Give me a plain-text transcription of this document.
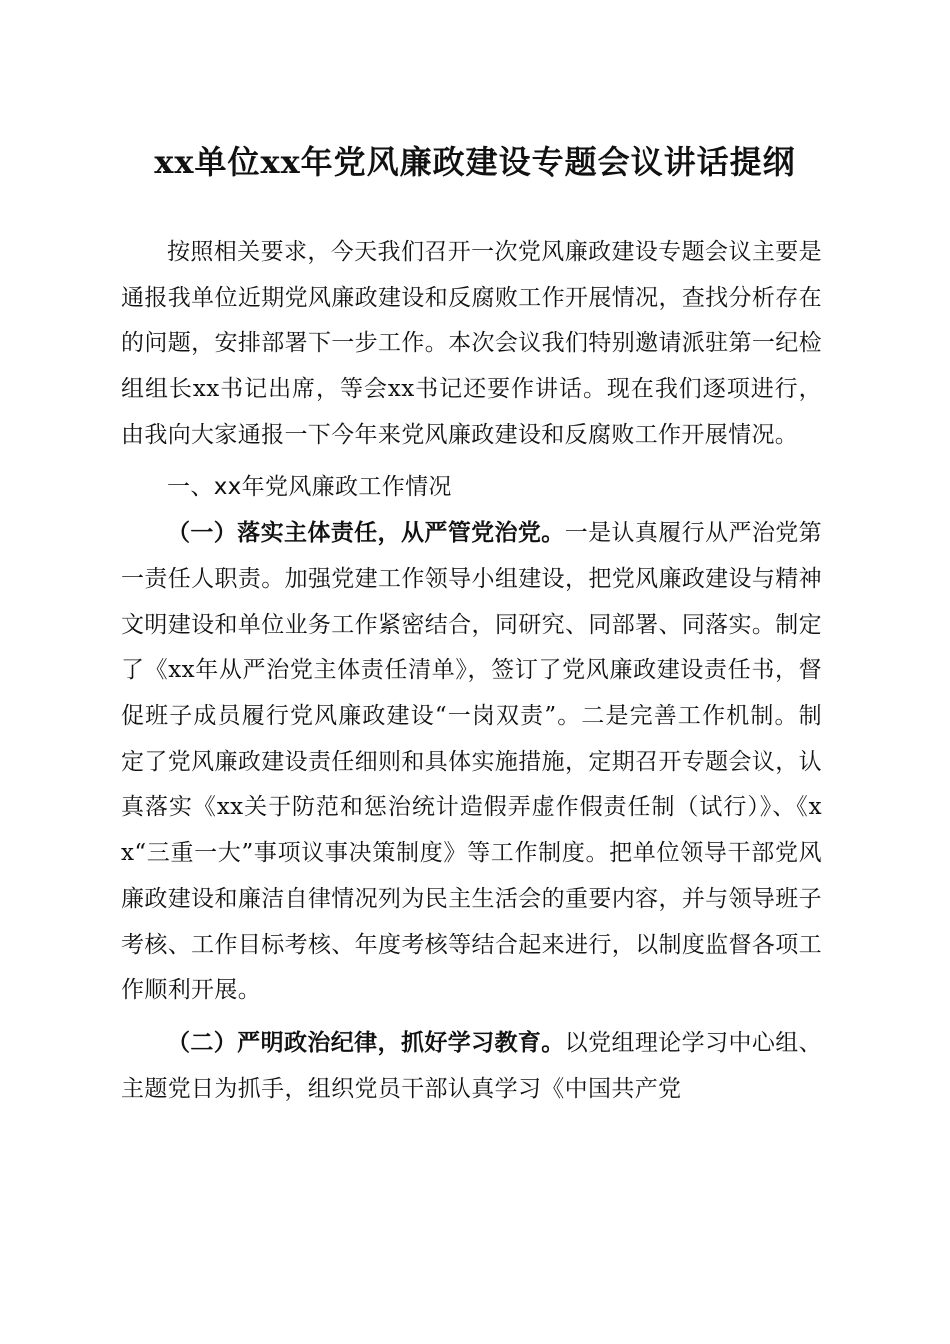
xx单位xx年党风廉政建设专题会议讲话提纲

按照相关要求，今天我们召开一次党风廉政建设专题会议主要是通报我单位近期党风廉政建设和反腐败工作开展情况，查找分析存在的问题，安排部署下一步工作。本次会议我们特别邀请派驻第一纪检组组长xx书记出席，等会xx书记还要作讲话。现在我们逐项进行，由我向大家通报一下今年来党风廉政建设和反腐败工作开展情况。

一、xx年党风廉政工作情况

（一）落实主体责任，从严管党治党。一是认真履行从严治党第一责任人职责。加强党建工作领导小组建设，把党风廉政建设与精神文明建设和单位业务工作紧密结合，同研究、同部署、同落实。制定了《xx年从严治党主体责任清单》，签订了党风廉政建设责任书，督促班子成员履行党风廉政建设“一岗双责”。二是完善工作机制。制定了党风廉政建设责任细则和具体实施措施，定期召开专题会议，认真落实《xx关于防范和惩治统计造假弄虚作假责任制（试行）》、《xx“三重一大”事项议事决策制度》等工作制度。把单位领导干部党风廉政建设和廉洁自律情况列为民主生活会的重要内容，并与领导班子考核、工作目标考核、年度考核等结合起来进行，以制度监督各项工作顺利开展。

（二）严明政治纪律，抓好学习教育。以党组理论学习中心组、主题党日为抓手，组织党员干部认真学习《中国共产党
